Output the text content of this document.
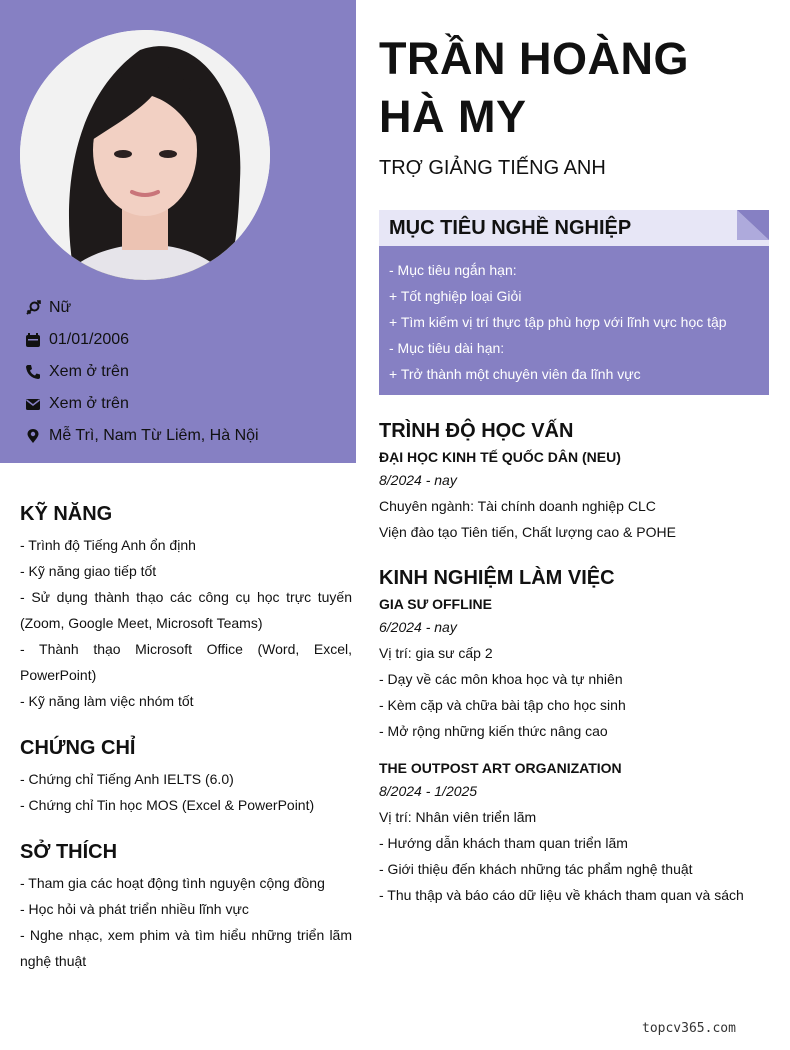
Nữ
01/01/2006
Xem ở trên
Xem ở trên
Mễ Trì, Nam Từ Liêm, Hà Nội
KỸ NĂNG
- Trình độ Tiếng Anh ổn định
- Kỹ năng giao tiếp tốt
- Sử dụng thành thạo các công cụ học trực tuyến (Zoom, Google Meet, Microsoft Teams)
- Thành thạo Microsoft Office (Word, Excel, PowerPoint)
- Kỹ năng làm việc nhóm tốt
CHỨNG CHỈ
- Chứng chỉ Tiếng Anh IELTS (6.0)
- Chứng chỉ Tin học MOS (Excel & PowerPoint)
SỞ THÍCH
- Tham gia các hoạt động tình nguyện cộng đồng
- Học hỏi và phát triển nhiều lĩnh vực
- Nghe nhạc, xem phim và tìm hiểu những triển lãm nghệ thuật
TRẦN HOÀNG
HÀ MY
TRỢ GIẢNG TIẾNG ANH
MỤC TIÊU NGHỀ NGHIỆP
- Mục tiêu ngắn hạn:
+ Tốt nghiệp loại Giỏi
+ Tìm kiếm vị trí thực tập phù hợp với lĩnh vực học tập
- Mục tiêu dài hạn:
+ Trở thành một chuyên viên đa lĩnh vực
TRÌNH ĐỘ HỌC VẤN
ĐẠI HỌC KINH TẾ QUỐC DÂN (NEU)
8/2024 - nay
Chuyên ngành: Tài chính doanh nghiệp CLC
Viện đào tạo Tiên tiến, Chất lượng cao & POHE
KINH NGHIỆM LÀM VIỆC
GIA SƯ OFFLINE
6/2024 - nay
Vị trí: gia sư cấp 2
- Dạy về các môn khoa học và tự nhiên
- Kèm cặp và chữa bài tập cho học sinh
- Mở rộng những kiến thức nâng cao
THE OUTPOST ART ORGANIZATION
8/2024 - 1/2025
Vị trí: Nhân viên triển lãm
- Hướng dẫn khách tham quan triển lãm
- Giới thiệu đến khách những tác phẩm nghệ thuật
- Thu thập và báo cáo dữ liệu về khách tham quan và sách
topcv365.com
